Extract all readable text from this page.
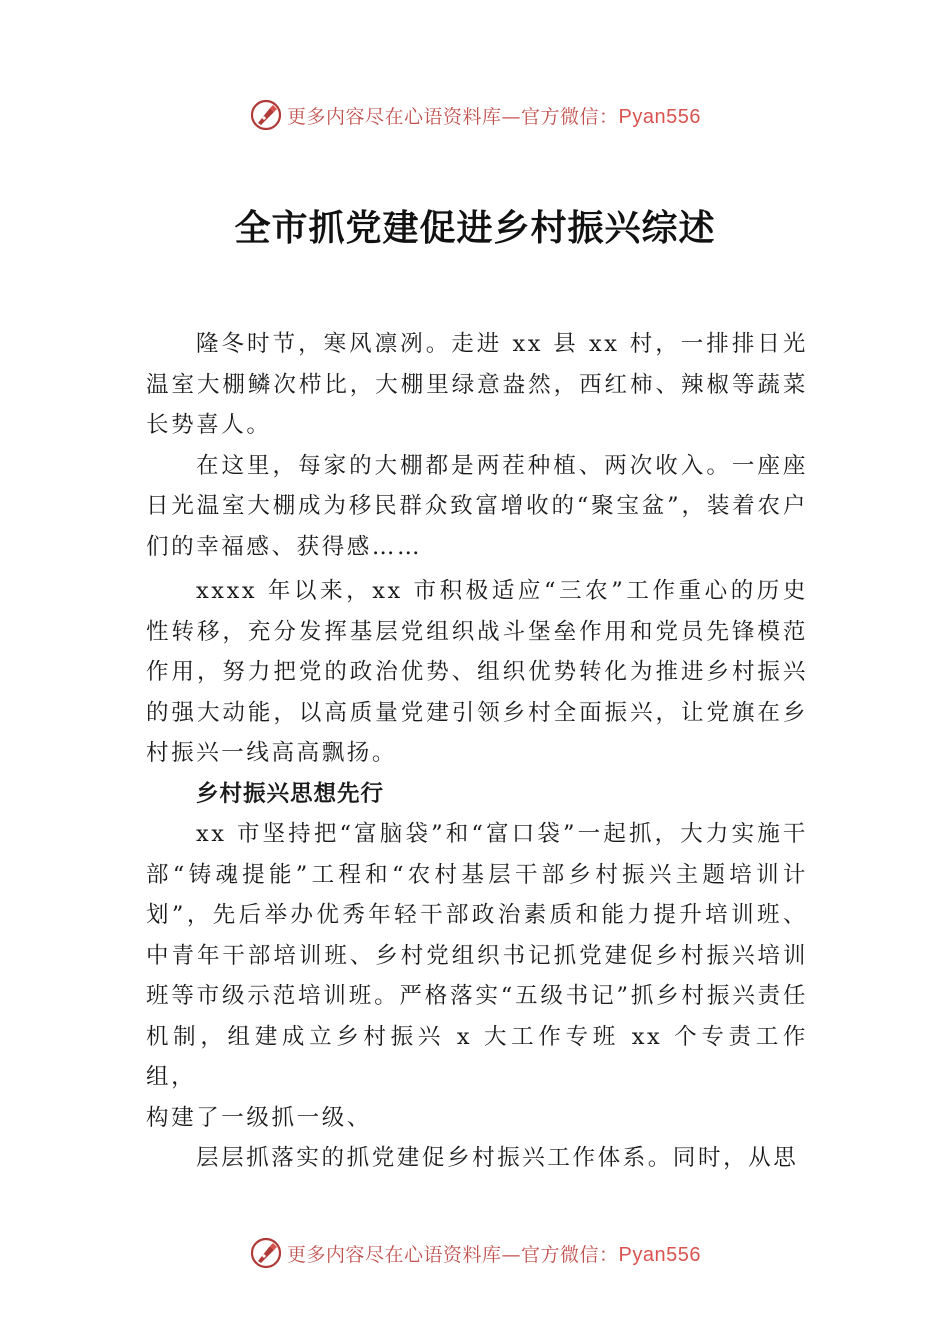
更多内容尽在心语资料库—官方微信：Pyan556
全市抓党建促进乡村振兴综述

隆冬时节，寒风凛冽。走进 xx 县 xx 村，一排排日光温室大棚鳞次栉比，大棚里绿意盎然，西红柿、辣椒等蔬菜长势喜人。

在这里，每家的大棚都是两茬种植、两次收入。一座座日光温室大棚成为移民群众致富增收的“聚宝盆”，装着农户们的幸福感、获得感……

xxxx 年以来，xx 市积极适应“三农”工作重心的历史性转移，充分发挥基层党组织战斗堡垒作用和党员先锋模范作用，努力把党的政治优势、组织优势转化为推进乡村振兴的强大动能，以高质量党建引领乡村全面振兴，让党旗在乡村振兴一线高高飘扬。

乡村振兴思想先行

xx 市坚持把“富脑袋”和“富口袋”一起抓，大力实施干部“铸魂提能”工程和“农村基层干部乡村振兴主题培训计划”，先后举办优秀年轻干部政治素质和能力提升培训班、中青年干部培训班、乡村党组织书记抓党建促乡村振兴培训班等市级示范培训班。严格落实“五级书记”抓乡村振兴责任机制，组建成立乡村振兴 x 大工作专班 xx 个专责工作组，

构建了一级抓一级、

层层抓落实的抓党建促乡村振兴工作体系。同时，从思

更多内容尽在心语资料库—官方微信：Pyan556
